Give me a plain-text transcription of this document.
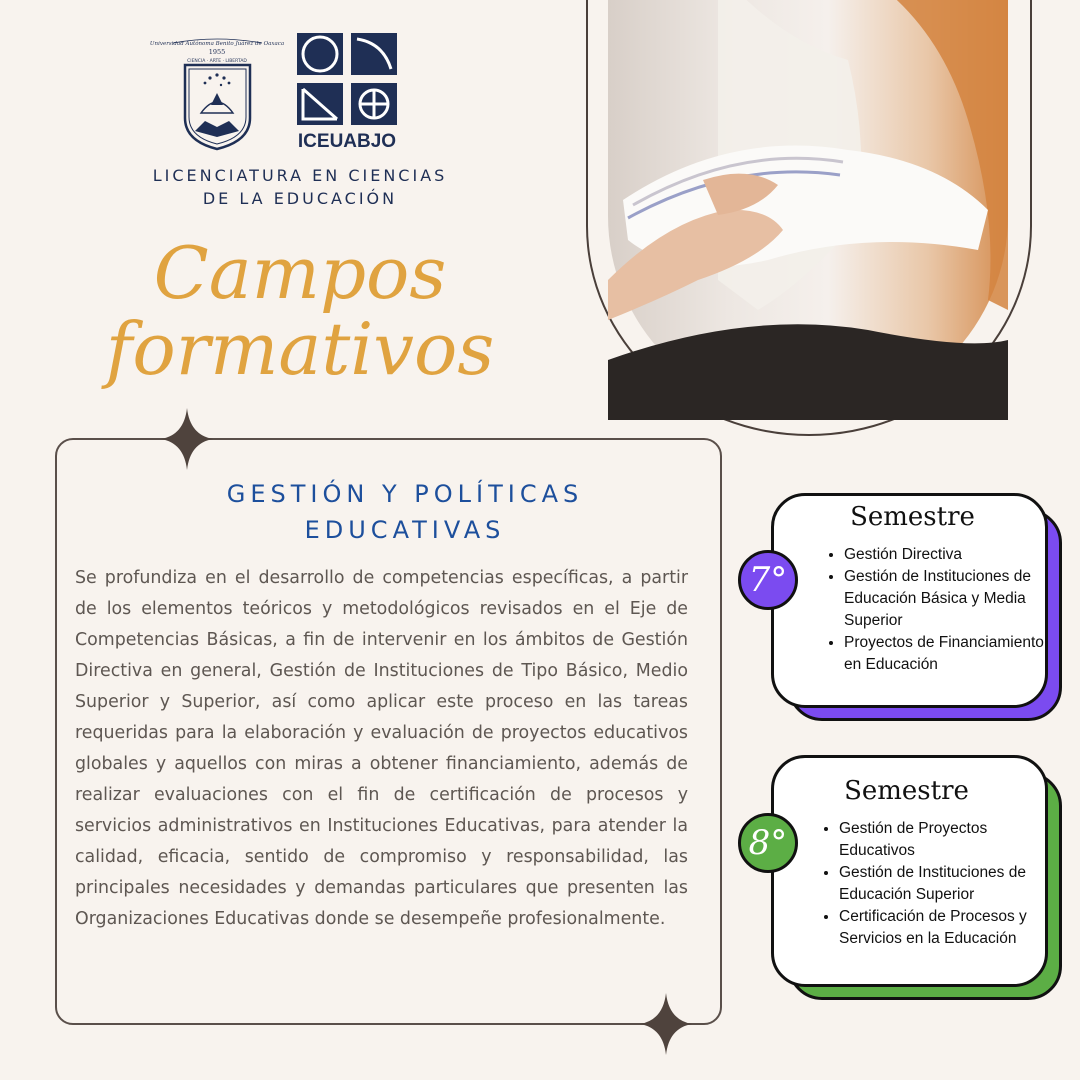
Universidad Autónoma Benito Juárez de Oaxaca
1955
CIENCIA · ARTE · LIBERTAD
ICEUABJO
LICENCIATURA EN CIENCIAS
DE LA EDUCACIÓN
Campos
formativos
GESTIÓN Y POLÍTICAS
EDUCATIVAS

Se profundiza en el desarrollo de competencias específicas, a partir de los elementos teóricos y metodológicos revisados en el Eje de Competencias Básicas, a fin de intervenir en los ámbitos de Gestión Directiva en general, Gestión de Instituciones de Tipo Básico, Medio Superior y Superior, así como aplicar este proceso en las tareas requeridas para la elaboración y evaluación de proyectos educativos globales y aquellos con miras a obtener financiamiento, además de realizar evaluaciones con el fin de certificación de procesos y servicios administrativos en Instituciones Educativas, para atender la calidad, eficacia, sentido de compromiso y responsabilidad, las principales necesidades y demandas particulares que presenten las Organizaciones Educativas donde se desempeñe profesionalmente.

Semestre
• Gestión Directiva
• Gestión de Instituciones de Educación Básica y Media Superior
• Proyectos de Financiamiento en Educación
7°
Semestre
• Gestión de Proyectos Educativos
• Gestión de Instituciones de Educación Superior
• Certificación de Procesos y Servicios en la Educación
8°
